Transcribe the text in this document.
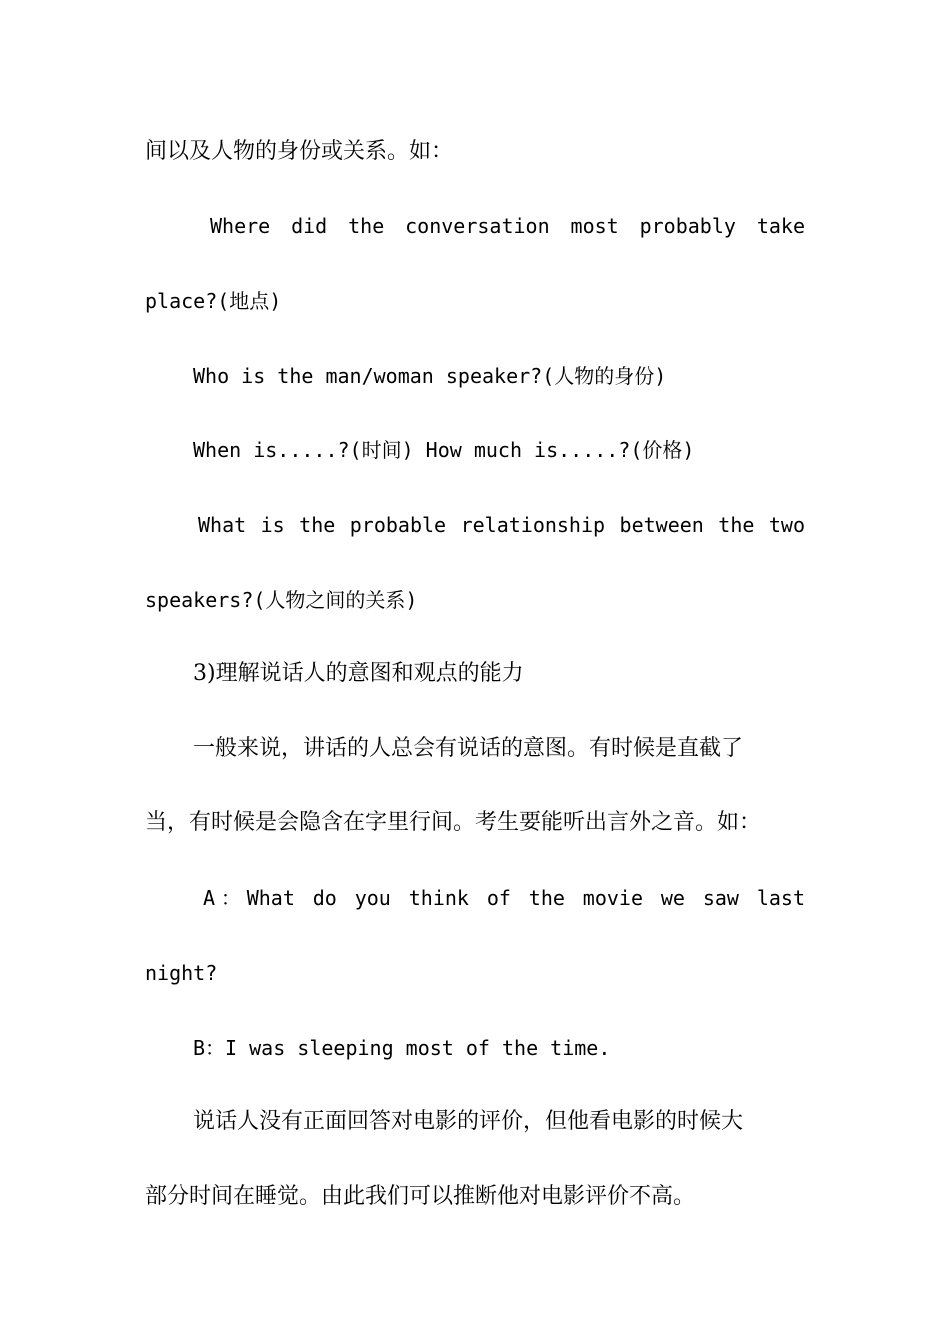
间以及人物的身份或关系。如：
Where did the conversation most probably take
place?(地点)
Who is the man/woman speaker?(人物的身份)
When is.....?(时间) How much is.....?(价格)
What is the probable relationship between the two
speakers?(人物之间的关系)
3)理解说话人的意图和观点的能力
一般来说，讲话的人总会有说话的意图。有时候是直截了
当，有时候是会隐含在字里行间。考生要能听出言外之音。如：
A：What do you think of the movie we saw last
night?
B：I was sleeping most of the time.
说话人没有正面回答对电影的评价，但他看电影的时候大
部分时间在睡觉。由此我们可以推断他对电影评价不高。
